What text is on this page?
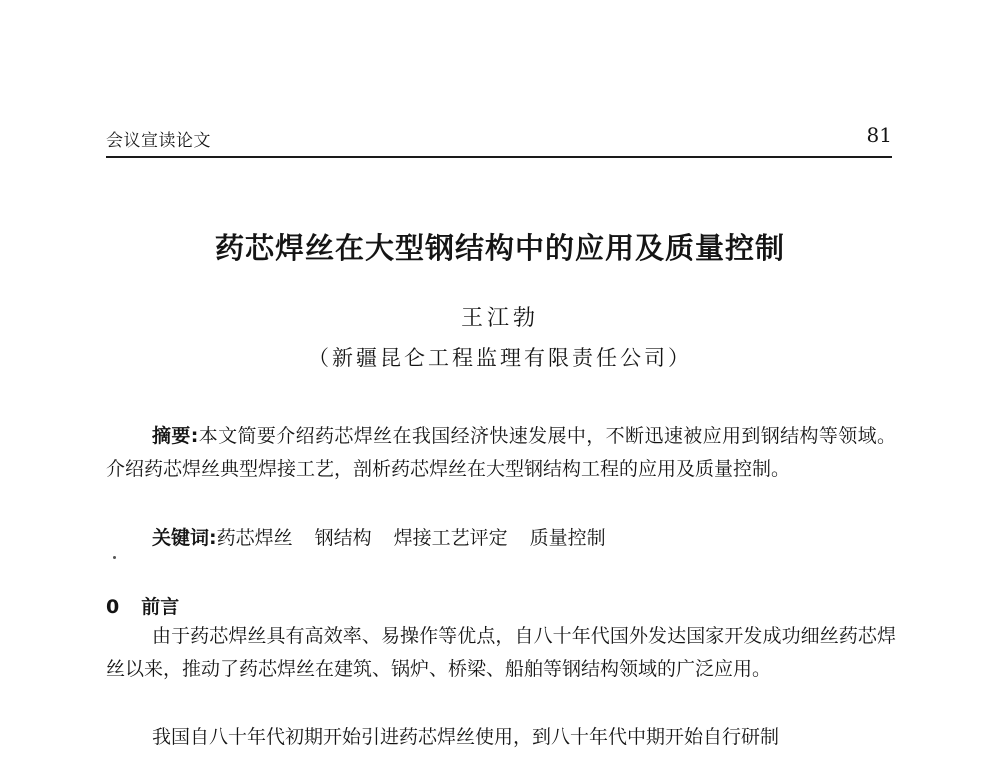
会议宣读论文	81
药芯焊丝在大型钢结构中的应用及质量控制
王江勃
（新疆昆仑工程监理有限责任公司）

摘要:本文简要介绍药芯焊丝在我国经济快速发展中，不断迅速被应用到钢结构等领域。介绍药芯焊丝典型焊接工艺，剖析药芯焊丝在大型钢结构工程的应用及质量控制。

关键词:药芯焊丝 钢结构 焊接工艺评定 质量控制
0 前言

由于药芯焊丝具有高效率、易操作等优点，自八十年代国外发达国家开发成功细丝药芯焊丝以来，推动了药芯焊丝在建筑、锅炉、桥梁、船舶等钢结构领域的广泛应用。

我国自八十年代初期开始引进药芯焊丝使用，到八十年代中期开始自行研制
